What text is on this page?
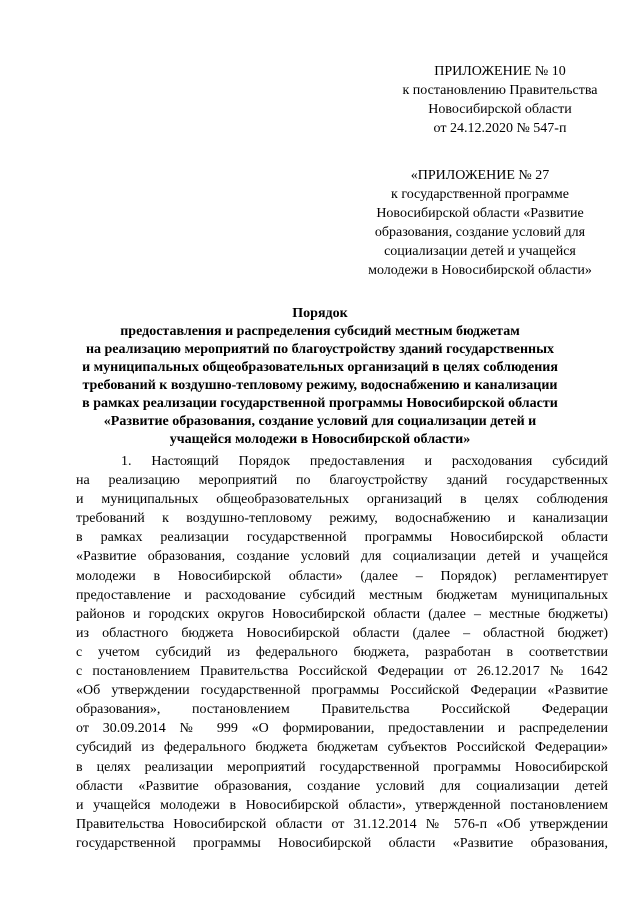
ПРИЛОЖЕНИЕ № 10
к постановлению Правительства
Новосибирской области
от 24.12.2020 № 547-п
«ПРИЛОЖЕНИЕ № 27
к государственной программе
Новосибирской области «Развитие
образования, создание условий для
социализации детей и учащейся
молодежи в Новосибирской области»
Порядок
предоставления и распределения субсидий местным бюджетам
на реализацию мероприятий по благоустройству зданий государственных
и муниципальных общеобразовательных организаций в целях соблюдения
требований к воздушно-тепловому режиму, водоснабжению и канализации
в рамках реализации государственной программы Новосибирской области
«Развитие образования, создание условий для социализации детей и
учащейся молодежи в Новосибирской области»
1. Настоящий Порядок предоставления и расходования субсидий
на реализацию мероприятий по благоустройству зданий государственных
и муниципальных общеобразовательных организаций в целях соблюдения
требований к воздушно-тепловому режиму, водоснабжению и канализации
в рамках реализации государственной программы Новосибирской области
«Развитие образования, создание условий для социализации детей и учащейся
молодежи в Новосибирской области» (далее – Порядок) регламентирует
предоставление и расходование субсидий местным бюджетам муниципальных
районов и городских округов Новосибирской области (далее – местные бюджеты)
из областного бюджета Новосибирской области (далее – областной бюджет)
с учетом субсидий из федерального бюджета, разработан в соответствии
с постановлением Правительства Российской Федерации от 26.12.2017 № 1642
«Об утверждении государственной программы Российской Федерации «Развитие
образования», постановлением Правительства Российской Федерации
от 30.09.2014 № 999 «О формировании, предоставлении и распределении
субсидий из федерального бюджета бюджетам субъектов Российской Федерации»
в целях реализации мероприятий государственной программы Новосибирской
области «Развитие образования, создание условий для социализации детей
и учащейся молодежи в Новосибирской области», утвержденной постановлением
Правительства Новосибирской области от 31.12.2014 № 576-п «Об утверждении
государственной программы Новосибирской области «Развитие образования,
